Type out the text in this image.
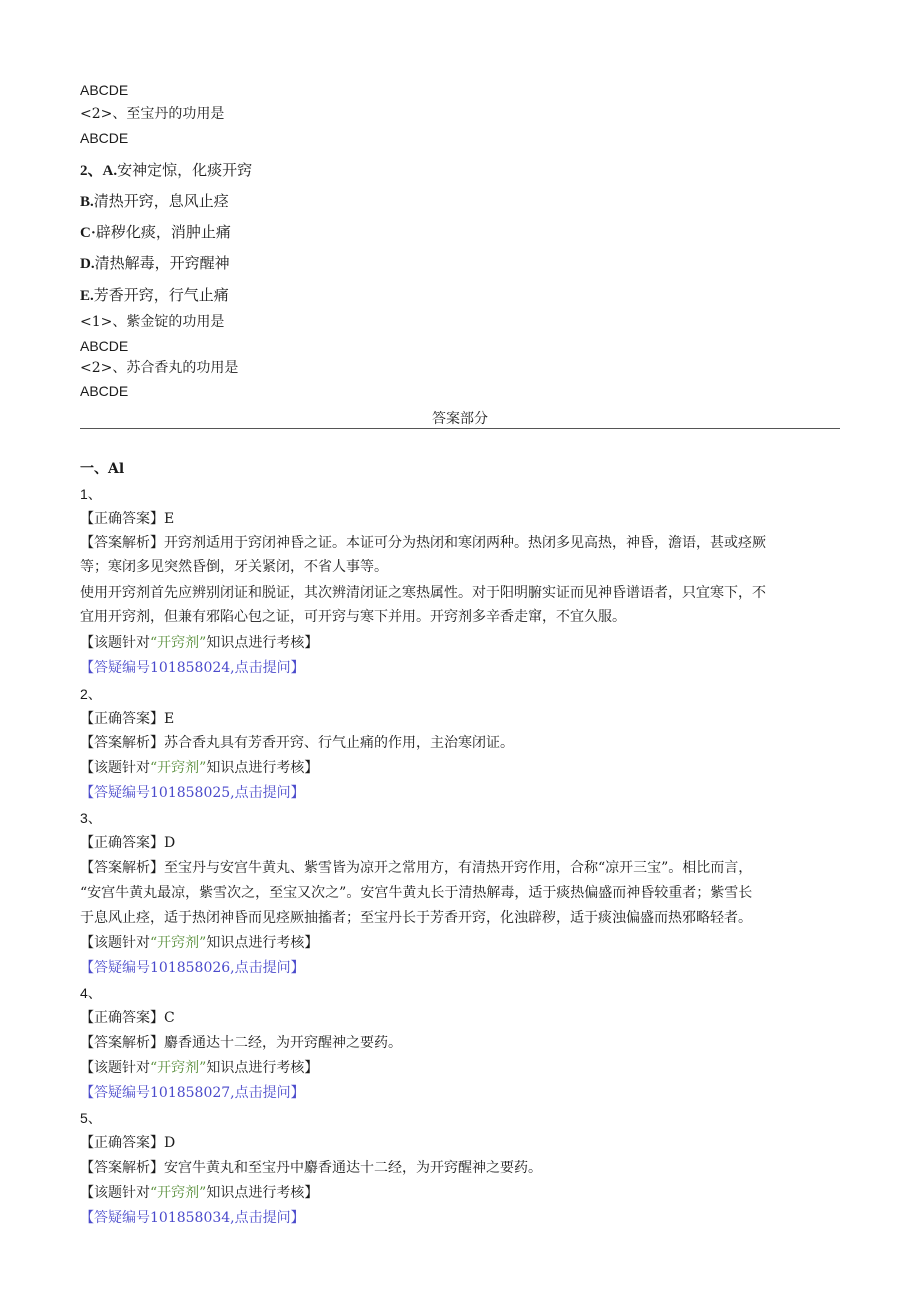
ABCDE
<2>、至宝丹的功用是
ABCDE
2、A.安神定惊，化痰开窍
B.清热开窍，息风止痉
C·辟秽化痰，消肿止痛
D.清热解毒，开窍醒神
E.芳香开窍，行气止痛
<1>、紫金锭的功用是
ABCDE
<2>、苏合香丸的功用是
ABCDE
答案部分
一、Al
1、
【正确答案】E
【答案解析】开窍剂适用于窍闭神昏之证。本证可分为热闭和寒闭两种。热闭多见高热，神昏，澹语，甚或痉厥
等；寒闭多见突然昏倒，牙关紧闭，不省人事等。
使用开窍剂首先应辨别闭证和脱证，其次辨清闭证之寒热属性。对于阳明腑实证而见神昏谱语者，只宜寒下，不
宜用开窍剂，但兼有邪陷心包之证，可开窍与寒下并用。开窍剂多辛香走窜，不宜久服。
【该题针对“开窍剂”知识点进行考核】
【答疑编号101858024,点击提问】
2、
【正确答案】E
【答案解析】苏合香丸具有芳香开窍、行气止痛的作用，主治寒闭证。
【该题针对“开窍剂”知识点进行考核】
【答疑编号101858025,点击提问】
3、
【正确答案】D
【答案解析】至宝丹与安宫牛黄丸、紫雪皆为凉开之常用方，有清热开窍作用，合称“凉开三宝”。相比而言，
“安宫牛黄丸最凉，紫雪次之，至宝又次之”。安宫牛黄丸长于清热解毒，适于痰热偏盛而神昏较重者；紫雪长
于息风止痉，适于热闭神昏而见痉厥抽搐者；至宝丹长于芳香开窍，化浊辟秽，适于痰浊偏盛而热邪略轻者。
【该题针对“开窍剂”知识点进行考核】
【答疑编号101858026,点击提问】
4、
【正确答案】C
【答案解析】麝香通达十二经，为开窍醒神之要药。
【该题针对“开窍剂”知识点进行考核】
【答疑编号101858027,点击提问】
5、
【正确答案】D
【答案解析】安宫牛黄丸和至宝丹中麝香通达十二经，为开窍醒神之要药。
【该题针对“开窍剂”知识点进行考核】
【答疑编号101858034,点击提问】
